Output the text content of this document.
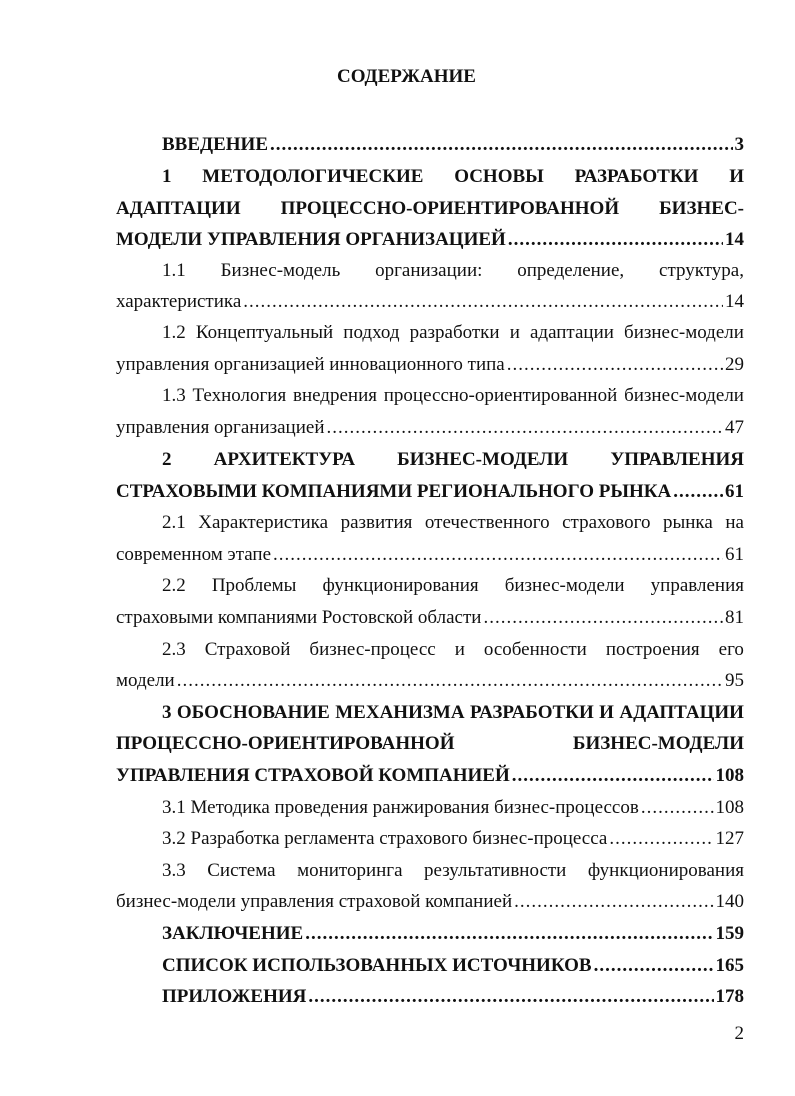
СОДЕРЖАНИЕ
ВВЕДЕНИЕ .....	3
1 МЕТОДОЛОГИЧЕСКИЕ ОСНОВЫ РАЗРАБОТКИ И
АДАПТАЦИИ ПРОЦЕССНО-ОРИЕНТИРОВАННОЙ БИЗНЕС-
МОДЕЛИ УПРАВЛЕНИЯ ОРГАНИЗАЦИЕЙ .....	14
1.1 Бизнес-модель организации: определение, структура,
характеристика .....	14
1.2 Концептуальный подход разработки и адаптации бизнес-модели
управления организацией инновационного типа .....	29
1.3 Технология внедрения процессно-ориентированной бизнес-модели
управления организацией .....	47
2 АРХИТЕКТУРА БИЗНЕС-МОДЕЛИ УПРАВЛЕНИЯ
СТРАХОВЫМИ КОМПАНИЯМИ РЕГИОНАЛЬНОГО РЫНКА .....	61
2.1 Характеристика развития отечественного страхового рынка на
современном этапе .....	61
2.2 Проблемы функционирования бизнес-модели управления
страховыми компаниями Ростовской области .....	81
2.3 Страховой бизнес-процесс и особенности построения его
модели .....	95
3 ОБОСНОВАНИЕ МЕХАНИЗМА РАЗРАБОТКИ И АДАПТАЦИИ
ПРОЦЕССНО-ОРИЕНТИРОВАННОЙ	БИЗНЕС-МОДЕЛИ
УПРАВЛЕНИЯ СТРАХОВОЙ КОМПАНИЕЙ .....	108
3.1 Методика проведения ранжирования бизнес-процессов .....	108
3.2 Разработка регламента страхового бизнес-процесса .....	127
3.3 Система мониторинга результативности функционирования
бизнес-модели управления страховой компанией .....	140
ЗАКЛЮЧЕНИЕ .....	159
СПИСОК ИСПОЛЬЗОВАННЫХ ИСТОЧНИКОВ .....	165
ПРИЛОЖЕНИЯ .....	178
2
